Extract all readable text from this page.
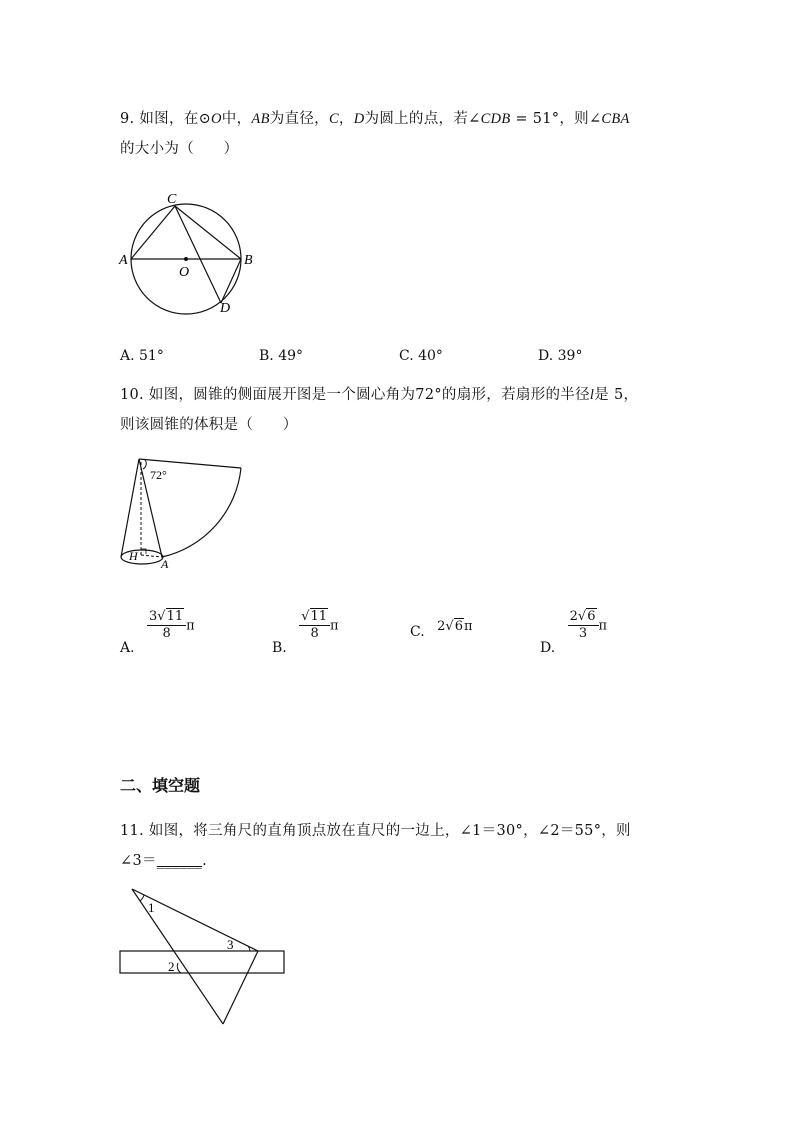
9. 如图，在⊙O中，AB为直径，C，D为圆上的点，若∠CDB = 51°，则∠CBA
的大小为（　　）
C
A
O
B
D
A. 51°	B. 49°	C. 40°	D. 39°
10. 如图，圆锥的侧面展开图是一个圆心角为72°的扇形，若扇形的半径l是 5，
则该圆锥的体积是（　　）
72°
H
A
A.
$\frac{3√11}{8}$ π
B.
$\frac{√11}{8}$ π	C. 2√6π
D.
$\frac{2√6}{3}$ π
二、填空题
11. 如图，将三角尺的直角顶点放在直尺的一边上，∠1＝30°，∠2＝55°，则
∠3＝______.
1
2
3
